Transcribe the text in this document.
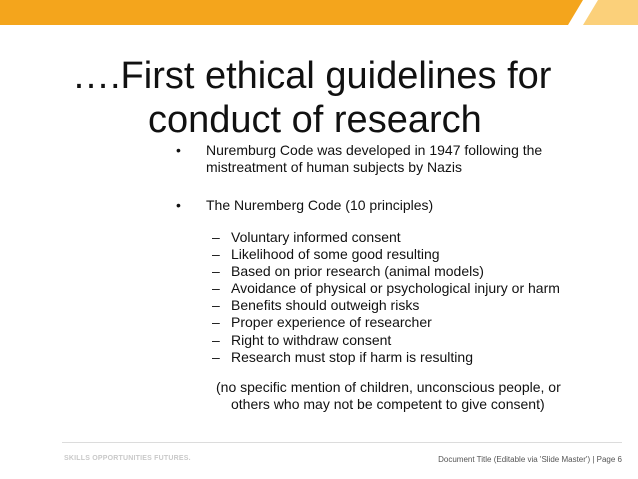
….First ethical guidelines for
conduct of research
• Nuremburg Code was developed in 1947 following the mistreatment of human subjects by Nazis
• The Nuremberg Code (10 principles)
– Voluntary informed consent
– Likelihood of some good resulting
– Based on prior research (animal models)
– Avoidance of physical or psychological injury or harm
– Benefits should outweigh risks
– Proper experience of researcher
– Right to withdraw consent
– Research must stop if harm is resulting
(no specific mention of children, unconscious people, or
others who may not be competent to give consent)
SKILLS OPPORTUNITIES FUTURES.	Document Title (Editable via 'Slide Master') | Page 6
